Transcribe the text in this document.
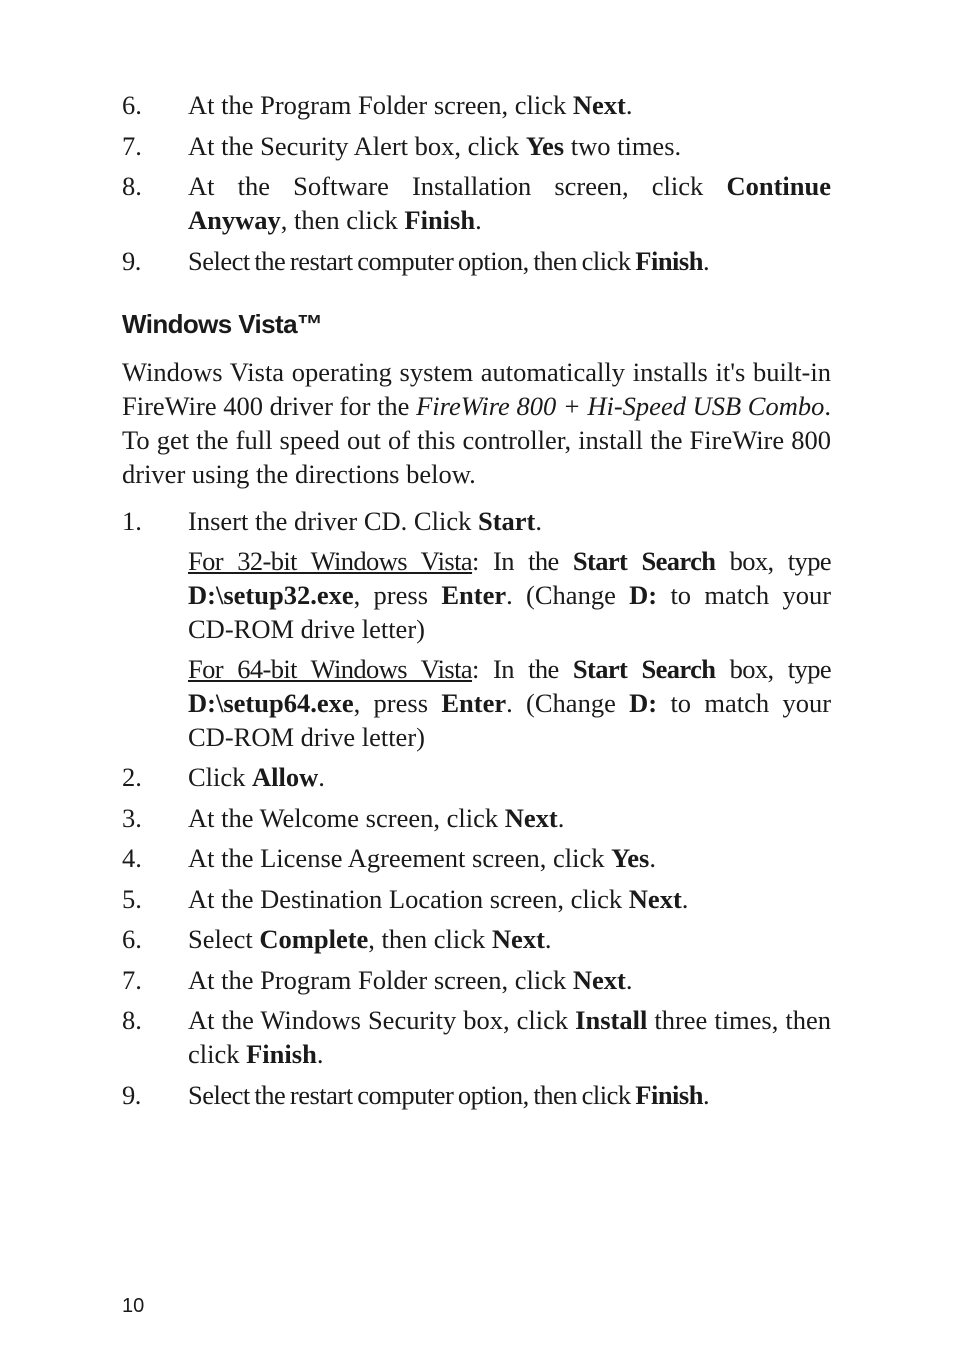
6.	At the Program Folder screen, click Next.
7.	At the Security Alert box, click Yes two times.
8.	At the Software Installation screen, click Continue Anyway, then click Finish.
9.	Select the restart computer option, then click Finish.
Windows Vista™

Windows Vista operating system automatically installs it's built-in FireWire 400 driver for the FireWire 800 + Hi-Speed USB Combo. To get the full speed out of this controller, install the FireWire 800 driver using the directions below.

1.	Insert the driver CD. Click Start.
For 32-bit Windows Vista: In the Start Search box, type D:\setup32.exe, press Enter. (Change D: to match your CD-ROM drive letter)
For 64-bit Windows Vista: In the Start Search box, type D:\setup64.exe, press Enter. (Change D: to match your CD-ROM drive letter)
2.	Click Allow.
3.	At the Welcome screen, click Next.
4.	At the License Agreement screen, click Yes.
5.	At the Destination Location screen, click Next.
6.	Select Complete, then click Next.
7.	At the Program Folder screen, click Next.
8.	At the Windows Security box, click Install three times, then click Finish.
9.	Select the restart computer option, then click Finish.
10
